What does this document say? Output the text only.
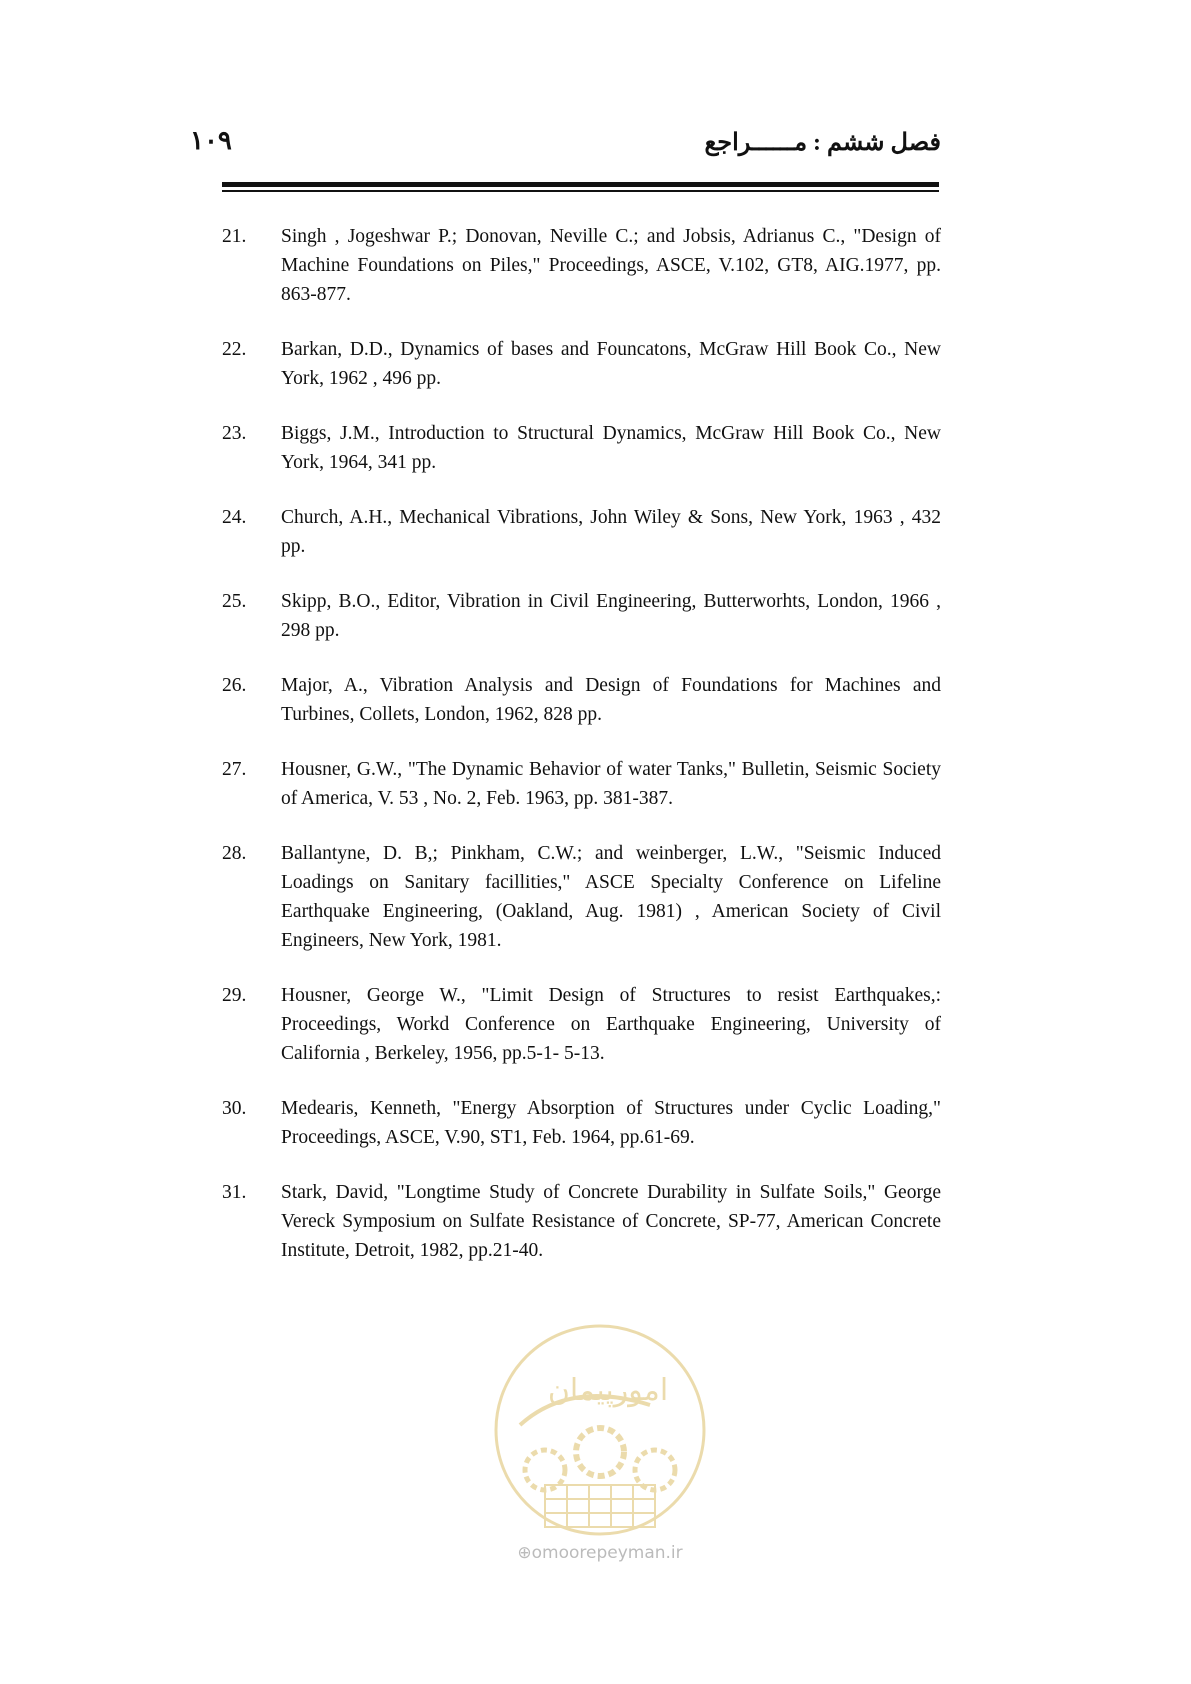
۱۰۹	فصل ششم : مــــــراجع
21.	Singh , Jogeshwar P.; Donovan, Neville C.; and Jobsis, Adrianus C., "Design of Machine Foundations on Piles," Proceedings, ASCE, V.102, GT8, AIG.1977, pp. 863-877.
22.	Barkan, D.D., Dynamics of bases and Founcatons, McGraw Hill Book Co., New York, 1962 , 496 pp.
23.	Biggs, J.M., Introduction to Structural Dynamics, McGraw Hill Book Co., New York, 1964, 341 pp.
24.	Church, A.H., Mechanical Vibrations, John Wiley & Sons, New York, 1963 , 432 pp.
25.	Skipp, B.O., Editor, Vibration in Civil Engineering, Butterworhts, London, 1966 , 298 pp.
26.	Major, A., Vibration Analysis and Design of Foundations for Machines and Turbines, Collets, London, 1962, 828 pp.
27.	Housner, G.W., "The Dynamic Behavior of water Tanks," Bulletin, Seismic Society of America, V. 53 , No. 2, Feb. 1963, pp. 381-387.
28.	Ballantyne, D. B,; Pinkham, C.W.; and weinberger, L.W., "Seismic Induced Loadings on Sanitary facillities," ASCE Specialty Conference on Lifeline Earthquake Engineering, (Oakland, Aug. 1981) , American Society of Civil Engineers, New York, 1981.
29.	Housner, George W., "Limit Design of Structures to resist Earthquakes,: Proceedings, Workd Conference on Earthquake Engineering, University of California , Berkeley, 1956, pp.5-1- 5-13.
30.	Medearis, Kenneth, "Energy Absorption of Structures under Cyclic Loading," Proceedings, ASCE, V.90, ST1, Feb. 1964, pp.61-69.
31.	Stark, David, "Longtime Study of Concrete Durability in Sulfate Soils," George Vereck Symposium on Sulfate Resistance of Concrete, SP-77, American Concrete Institute, Detroit, 1982, pp.21-40.
امورپیمان
⊕omoorepeyman.ir
